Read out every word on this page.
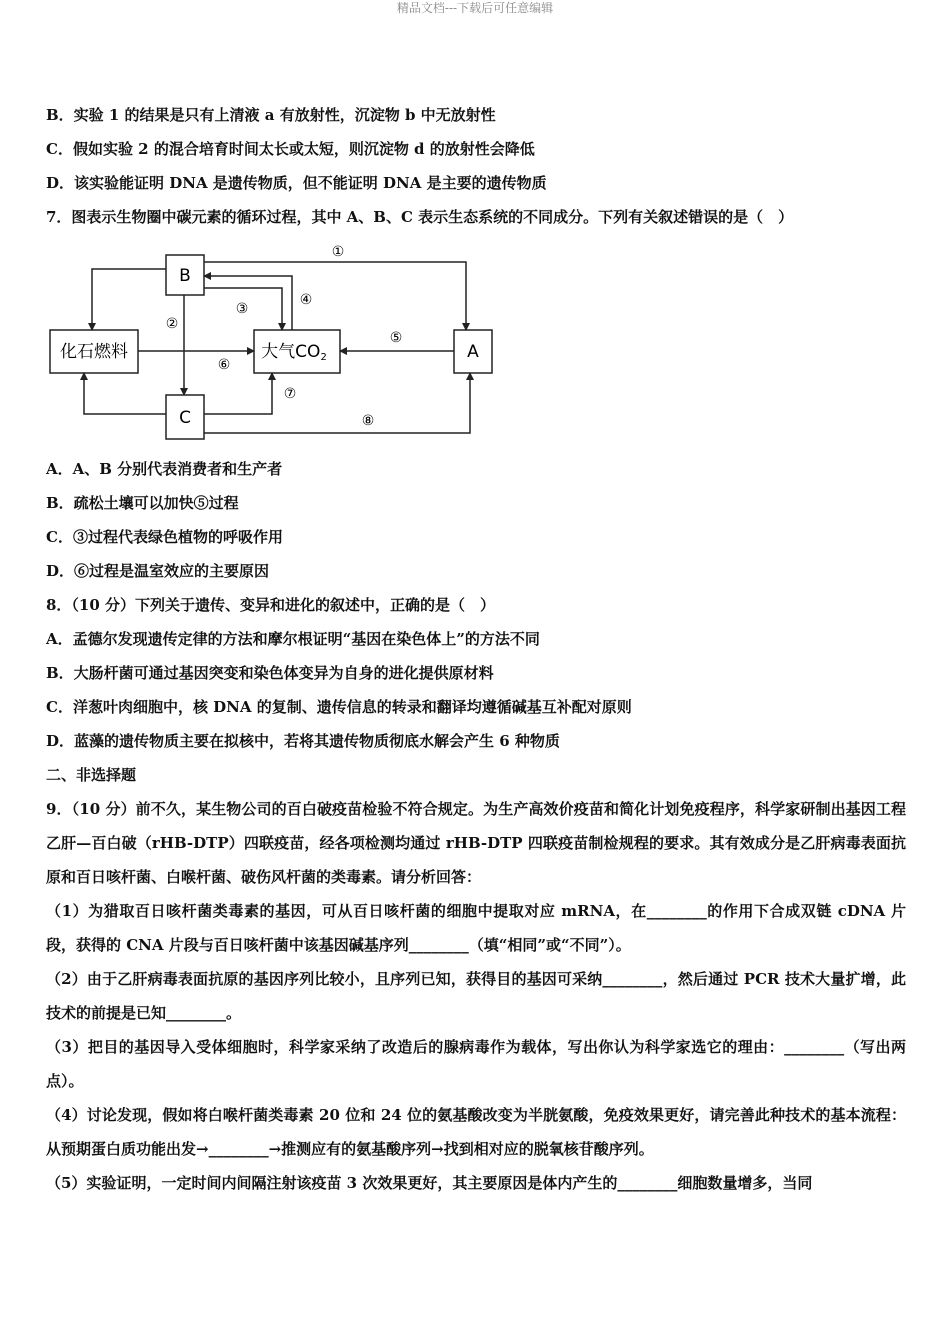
精品文档---下载后可任意编辑
B．实验 1 的结果是只有上清液 a 有放射性，沉淀物 b 中无放射性
C．假如实验 2 的混合培育时间太长或太短，则沉淀物 d 的放射性会降低
D．该实验能证明 DNA 是遗传物质，但不能证明 DNA 是主要的遗传物质
7．图表示生物圈中碳元素的循环过程，其中 A、B、C 表示生态系统的不同成分。下列有关叙述错误的是（　）
B
化石燃料	大气CO2	A
C
①
②
③
④
⑤
⑥
⑦
⑧
A．A、B 分别代表消费者和生产者
B．疏松土壤可以加快⑤过程
C．③过程代表绿色植物的呼吸作用
D．⑥过程是温室效应的主要原因
8．（10 分）下列关于遗传、变异和进化的叙述中，正确的是（　）
A．孟德尔发现遗传定律的方法和摩尔根证明“基因在染色体上”的方法不同
B．大肠杆菌可通过基因突变和染色体变异为自身的进化提供原材料
C．洋葱叶肉细胞中，核 DNA 的复制、遗传信息的转录和翻译均遵循碱基互补配对原则
D．蓝藻的遗传物质主要在拟核中，若将其遗传物质彻底水解会产生 6 种物质
二、非选择题
9．（10 分）前不久，某生物公司的百白破疫苗检验不符合规定。为生产高效价疫苗和简化计划免疫程序，科学家研制出基因工程乙肝—百白破（rHB-DTP）四联疫苗，经各项检测均通过 rHB-DTP 四联疫苗制检规程的要求。其有效成分是乙肝病毒表面抗原和百日咳杆菌、白喉杆菌、破伤风杆菌的类毒素。请分析回答：
（1）为猎取百日咳杆菌类毒素的基因，可从百日咳杆菌的细胞中提取对应 mRNA，在________的作用下合成双链 cDNA 片段，获得的 CNA 片段与百日咳杆菌中该基因碱基序列________（填“相同”或“不同”）。
（2）由于乙肝病毒表面抗原的基因序列比较小，且序列已知，获得目的基因可采纳________，然后通过 PCR 技术大量扩增，此技术的前提是已知________。
（3）把目的基因导入受体细胞时，科学家采纳了改造后的腺病毒作为载体，写出你认为科学家选它的理由：________（写出两点）。
（4）讨论发现，假如将白喉杆菌类毒素 20 位和 24 位的氨基酸改变为半胱氨酸，免疫效果更好，请完善此种技术的基本流程：从预期蛋白质功能出发→________→推测应有的氨基酸序列→找到相对应的脱氧核苷酸序列。
（5）实验证明，一定时间内间隔注射该疫苗 3 次效果更好，其主要原因是体内产生的________细胞数量增多，当同
